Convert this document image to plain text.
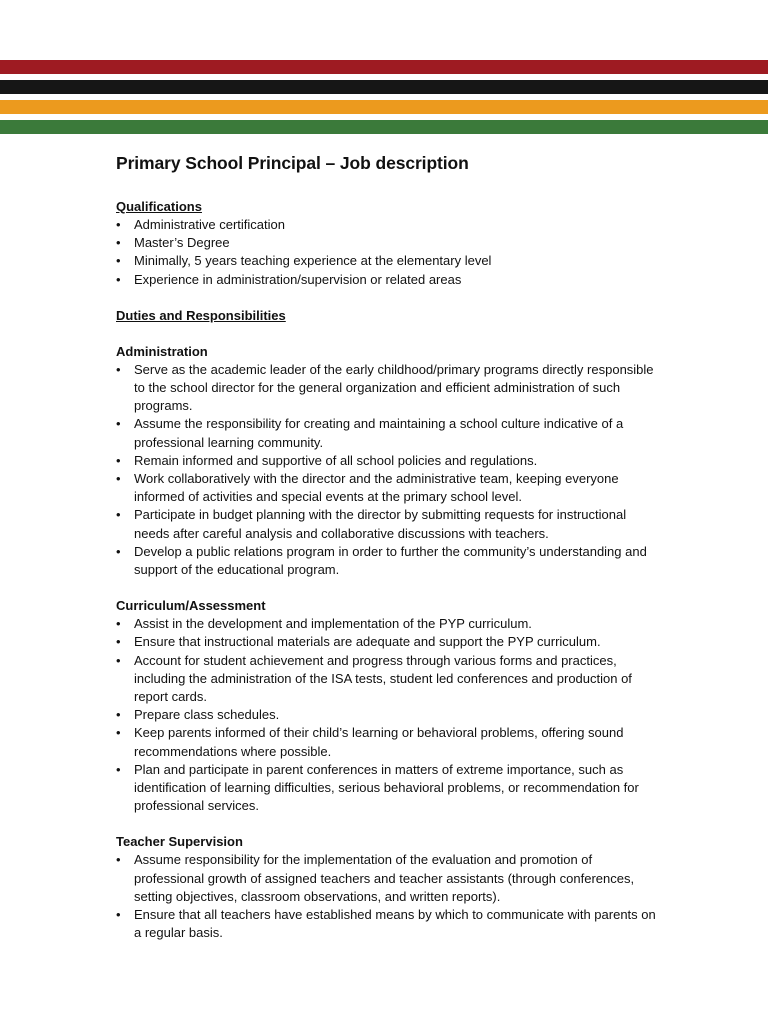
Primary School Principal – Job description

Qualifications

• Administrative certification
• Master’s Degree
• Minimally, 5 years teaching experience at the elementary level
• Experience in administration/supervision or related areas

Duties and Responsibilities

Administration

• Serve as the academic leader of the early childhood/primary programs directly responsible to the school director for the general organization and efficient administration of such programs.
• Assume the responsibility for creating and maintaining a school culture indicative of a professional learning community.
• Remain informed and supportive of all school policies and regulations.
• Work collaboratively with the director and the administrative team, keeping everyone informed of activities and special events at the primary school level.
• Participate in budget planning with the director by submitting requests for instructional needs after careful analysis and collaborative discussions with teachers.
• Develop a public relations program in order to further the community’s understanding and support of the educational program.

Curriculum/Assessment

• Assist in the development and implementation of the PYP curriculum.
• Ensure that instructional materials are adequate and support the PYP curriculum.
• Account for student achievement and progress through various forms and practices, including the administration of the ISA tests, student led conferences and production of report cards.
• Prepare class schedules.
• Keep parents informed of their child’s learning or behavioral problems, offering sound recommendations where possible.
• Plan and participate in parent conferences in matters of extreme importance, such as identification of learning difficulties, serious behavioral problems, or recommendation for professional services.

Teacher Supervision

• Assume responsibility for the implementation of the evaluation and promotion of professional growth of assigned teachers and teacher assistants (through conferences, setting objectives, classroom observations, and written reports).
• Ensure that all teachers have established means by which to communicate with parents on a regular basis.
